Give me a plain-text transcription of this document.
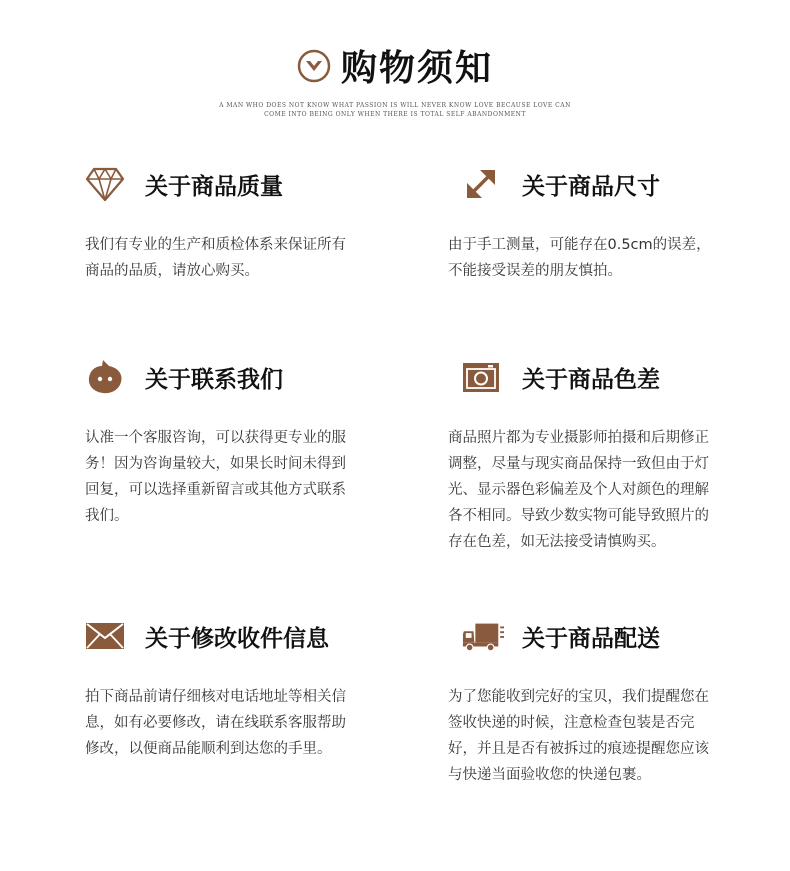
购物须知
A MAN WHO DOES NOT KNOW WHAT PASSION IS WILL NEVER KNOW LOVE BECAUSE LOVE CAN
COME INTO BEING ONLY WHEN THERE IS TOTAL SELF ABANDONMENT
关于商品质量
我们有专业的生产和质检体系来保证所有商品的品质，请放心购买。
关于商品尺寸
由于手工测量，可能存在0.5cm的误差，不能接受误差的朋友慎拍。
关于联系我们
认准一个客服咨询，可以获得更专业的服务！因为咨询量较大，如果长时间未得到回复，可以选择重新留言或其他方式联系我们。
关于商品色差
商品照片都为专业摄影师拍摄和后期修正调整，尽量与现实商品保持一致但由于灯光、显示器色彩偏差及个人对颜色的理解各不相同。导致少数实物可能导致照片的存在色差，如无法接受请慎购买。
关于修改收件信息
拍下商品前请仔细核对电话地址等相关信息，如有必要修改，请在线联系客服帮助修改，以便商品能顺利到达您的手里。
关于商品配送
为了您能收到完好的宝贝，我们提醒您在签收快递的时候，注意检查包装是否完好，并且是否有被拆过的痕迹提醒您应该与快递当面验收您的快递包裹。
